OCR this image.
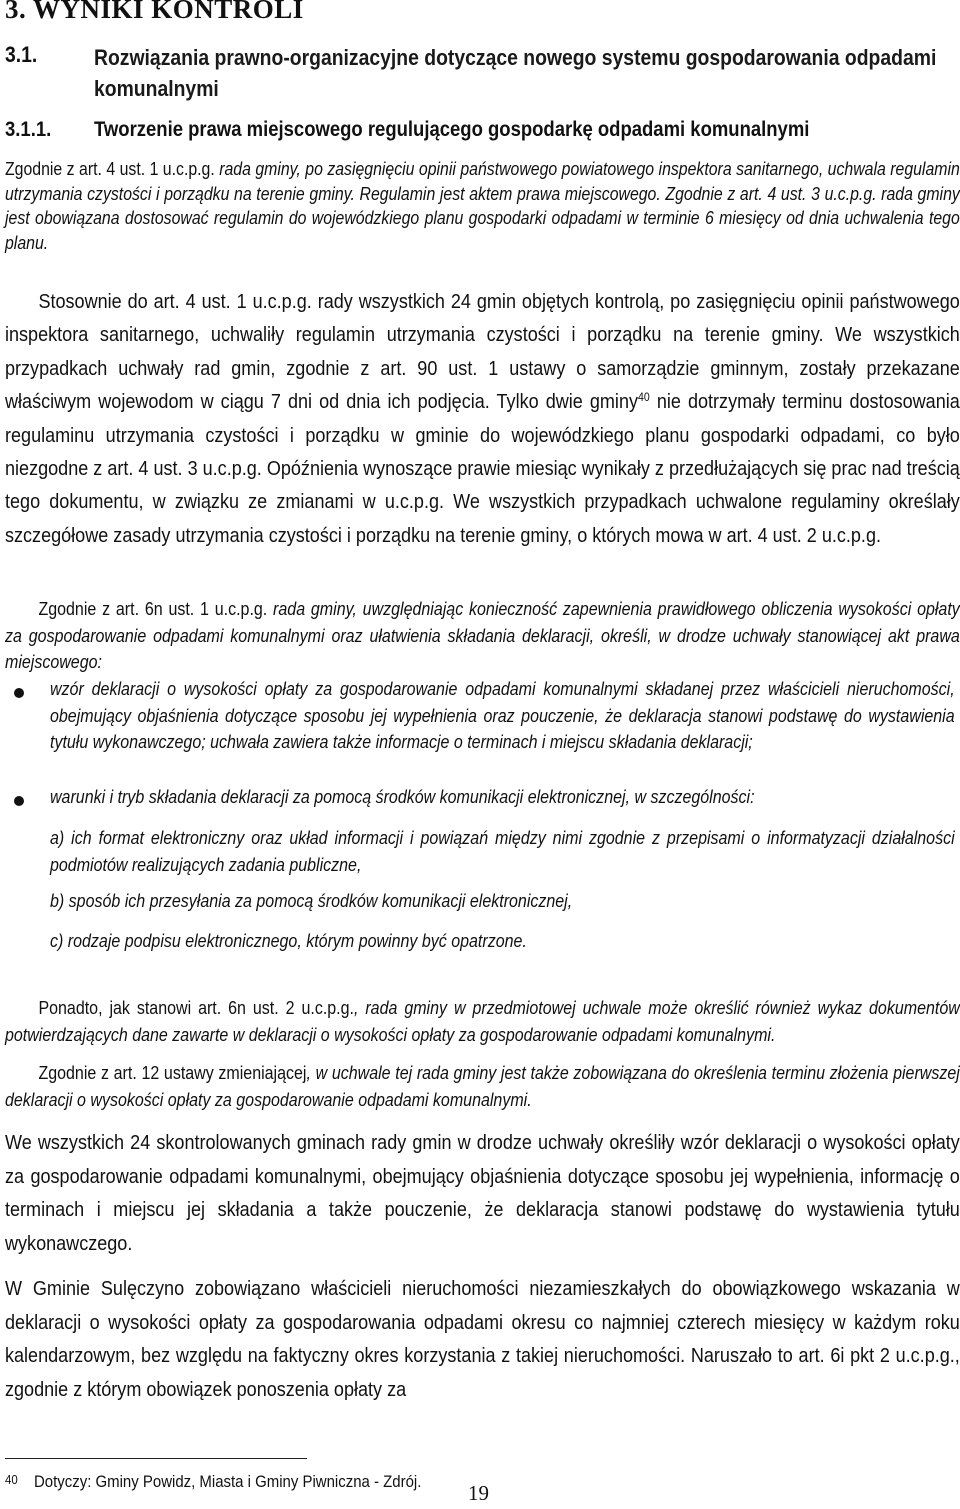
3. WYNIKI KONTROLI
3.1.	Rozwiązania prawno-organizacyjne dotyczące nowego systemu gospodarowania odpadami komunalnymi
3.1.1. Tworzenie prawa miejscowego regulującego gospodarkę odpadami komunalnymi
Zgodnie z art. 4 ust. 1 u.c.p.g. rada gminy, po zasięgnięciu opinii państwowego powiatowego inspektora sanitarnego, uchwala regulamin utrzymania czystości i porządku na terenie gminy. Regulamin jest aktem prawa miejscowego. Zgodnie z art. 4 ust. 3 u.c.p.g. rada gminy jest obowiązana dostosować regulamin do wojewódzkiego planu gospodarki odpadami w terminie 6 miesięcy od dnia uchwalenia tego planu.
Stosownie do art. 4 ust. 1 u.c.p.g. rady wszystkich 24 gmin objętych kontrolą, po zasięgnięciu opinii państwowego inspektora sanitarnego, uchwaliły regulamin utrzymania czystości i porządku na terenie gminy. We wszystkich przypadkach uchwały rad gmin, zgodnie z art. 90 ust. 1 ustawy o samorządzie gminnym, zostały przekazane właściwym wojewodom w ciągu 7 dni od dnia ich podjęcia. Tylko dwie gminy$^{40}$ nie dotrzymały terminu dostosowania regulaminu utrzymania czystości i porządku w gminie do wojewódzkiego planu gospodarki odpadami, co było niezgodne z art. 4 ust. 3 u.c.p.g. Opóźnienia wynoszące prawie miesiąc wynikały z przedłużających się prac nad treścią tego dokumentu, w związku ze zmianami w u.c.p.g. We wszystkich przypadkach uchwalone regulaminy określały szczegółowe zasady utrzymania czystości i porządku na terenie gminy, o których mowa w art. 4 ust. 2 u.c.p.g.
Zgodnie z art. 6n ust. 1 u.c.p.g. rada gminy, uwzględniając konieczność zapewnienia prawidłowego obliczenia wysokości opłaty za gospodarowanie odpadami komunalnymi oraz ułatwienia składania deklaracji, określi, w drodze uchwały stanowiącej akt prawa miejscowego:
wzór deklaracji o wysokości opłaty za gospodarowanie odpadami komunalnymi składanej przez właścicieli nieruchomości, obejmujący objaśnienia dotyczące sposobu jej wypełnienia oraz pouczenie, że deklaracja stanowi podstawę do wystawienia tytułu wykonawczego; uchwała zawiera także informacje o terminach i miejscu składania deklaracji;
warunki i tryb składania deklaracji za pomocą środków komunikacji elektronicznej, w szczególności:
a) ich format elektroniczny oraz układ informacji i powiązań między nimi zgodnie z przepisami o informatyzacji działalności podmiotów realizujących zadania publiczne,
b) sposób ich przesyłania za pomocą środków komunikacji elektronicznej,
c) rodzaje podpisu elektronicznego, którym powinny być opatrzone.
Ponadto, jak stanowi art. 6n ust. 2 u.c.p.g., rada gminy w przedmiotowej uchwale może określić również wykaz dokumentów potwierdzających dane zawarte w deklaracji o wysokości opłaty za gospodarowanie odpadami komunalnymi.
Zgodnie z art. 12 ustawy zmieniającej, w uchwale tej rada gminy jest także zobowiązana do określenia terminu złożenia pierwszej deklaracji o wysokości opłaty za gospodarowanie odpadami komunalnymi.
We wszystkich 24 skontrolowanych gminach rady gmin w drodze uchwały określiły wzór deklaracji o wysokości opłaty za gospodarowanie odpadami komunalnymi, obejmujący objaśnienia dotyczące sposobu jej wypełnienia, informację o terminach i miejscu jej składania a także pouczenie, że deklaracja stanowi podstawę do wystawienia tytułu wykonawczego.
W Gminie Sulęczyno zobowiązano właścicieli nieruchomości niezamieszkałych do obowiązkowego wskazania w deklaracji o wysokości opłaty za gospodarowania odpadami okresu co najmniej czterech miesięcy w każdym roku kalendarzowym, bez względu na faktyczny okres korzystania z takiej nieruchomości. Naruszało to art. 6i pkt 2 u.c.p.g., zgodnie z którym obowiązek ponoszenia opłaty za
40 Dotyczy: Gminy Powidz, Miasta i Gminy Piwniczna - Zdrój. 19
